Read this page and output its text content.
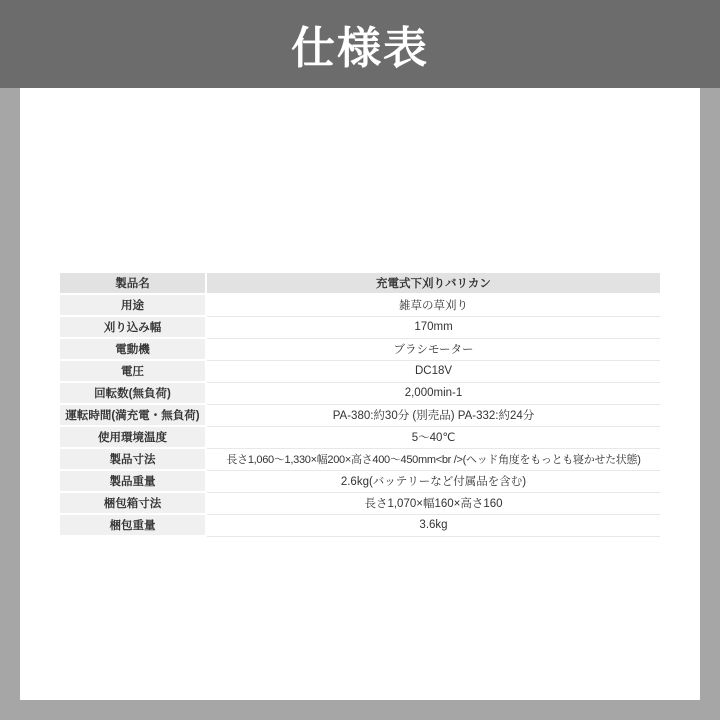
仕様表
製品名	充電式下刈りバリカン
用途	雑草の草刈り
刈り込み幅	170mm
電動機	ブラシモーター
電圧	DC18V
回転数(無負荷)	2,000min-1
運転時間(満充電・無負荷)	PA-380:約30分 (別売品) PA-332:約24分
使用環境温度	5〜40℃
製品寸法	長さ1,060〜1,330×幅200×高さ400〜450mm<br />(ヘッド角度をもっとも寝かせた状態)
製品重量	2.6kg(バッテリーなど付属品を含む)
梱包箱寸法	長さ1,070×幅160×高さ160
梱包重量	3.6kg
